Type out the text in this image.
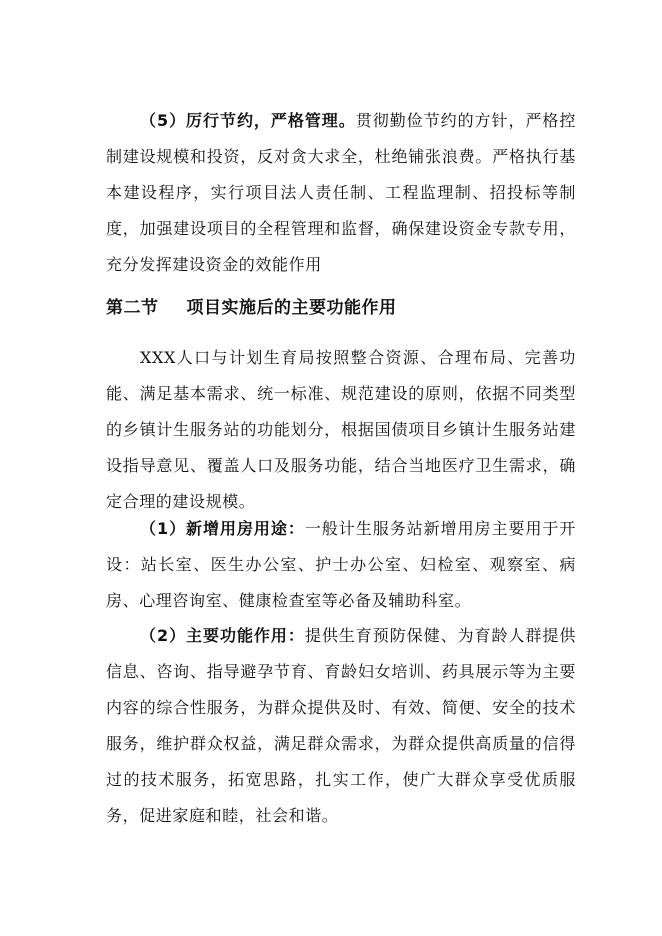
（5）厉行节约，严格管理。贯彻勤俭节约的方针，严格控制建设规模和投资，反对贪大求全，杜绝铺张浪费。严格执行基本建设程序，实行项目法人责任制、工程监理制、招投标等制度，加强建设项目的全程管理和监督，确保建设资金专款专用，充分发挥建设资金的效能作用

第二节 项目实施后的主要功能作用

XXX人口与计划生育局按照整合资源、合理布局、完善功能、满足基本需求、统一标准、规范建设的原则，依据不同类型的乡镇计生服务站的功能划分，根据国债项目乡镇计生服务站建设指导意见、覆盖人口及服务功能，结合当地医疗卫生需求，确定合理的建设规模。

（1）新增用房用途：一般计生服务站新增用房主要用于开设：站长室、医生办公室、护士办公室、妇检室、观察室、病房、心理咨询室、健康检查室等必备及辅助科室。

（2）主要功能作用：提供生育预防保健、为育龄人群提供信息、咨询、指导避孕节育、育龄妇女培训、药具展示等为主要内容的综合性服务，为群众提供及时、有效、简便、安全的技术服务，维护群众权益，满足群众需求，为群众提供高质量的信得过的技术服务，拓宽思路，扎实工作，使广大群众享受优质服务，促进家庭和睦，社会和谐。
